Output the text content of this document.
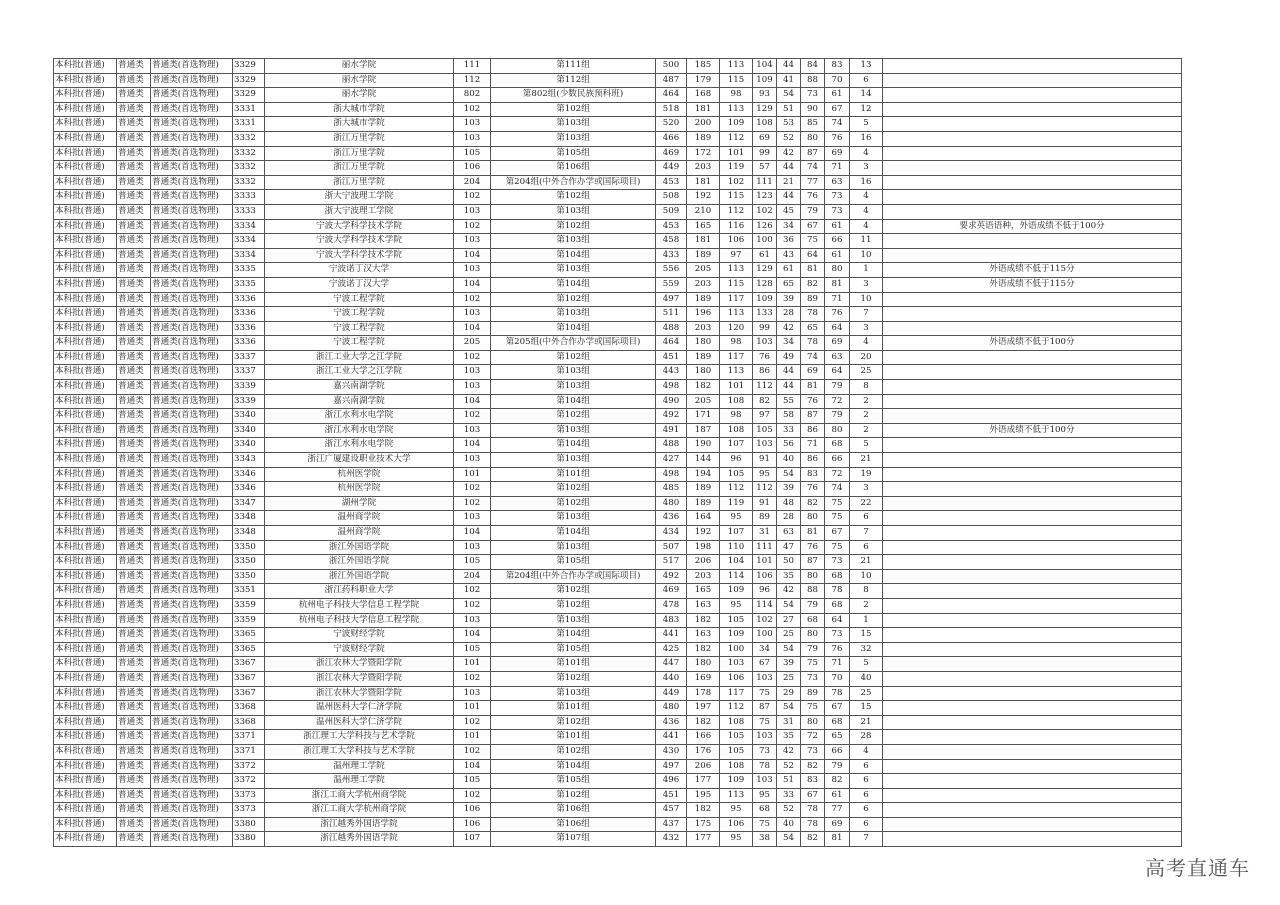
本科批(普通)	普通类	普通类(首选物理)	3329	丽水学院	111	第111组	500	185	113	104	44	84	83	13	
本科批(普通)	普通类	普通类(首选物理)	3329	丽水学院	112	第112组	487	179	115	109	41	88	70	6	
本科批(普通)	普通类	普通类(首选物理)	3329	丽水学院	802	第802组(少数民族预科班)	464	168	98	93	54	73	61	14	
本科批(普通)	普通类	普通类(首选物理)	3331	浙大城市学院	102	第102组	518	181	113	129	51	90	67	12	
本科批(普通)	普通类	普通类(首选物理)	3331	浙大城市学院	103	第103组	520	200	109	108	53	85	74	5	
本科批(普通)	普通类	普通类(首选物理)	3332	浙江万里学院	103	第103组	466	189	112	69	52	80	76	16	
本科批(普通)	普通类	普通类(首选物理)	3332	浙江万里学院	105	第105组	469	172	101	99	42	87	69	4	
本科批(普通)	普通类	普通类(首选物理)	3332	浙江万里学院	106	第106组	449	203	119	57	44	74	71	3	
本科批(普通)	普通类	普通类(首选物理)	3332	浙江万里学院	204	第204组(中外合作办学或国际项目)	453	181	102	111	21	77	63	16	
本科批(普通)	普通类	普通类(首选物理)	3333	浙大宁波理工学院	102	第102组	508	192	115	123	44	76	73	4	
本科批(普通)	普通类	普通类(首选物理)	3333	浙大宁波理工学院	103	第103组	509	210	112	102	45	79	73	4	
本科批(普通)	普通类	普通类(首选物理)	3334	宁波大学科学技术学院	102	第102组	453	165	116	126	34	67	61	4	要求英语语种，外语成绩不低于100分
本科批(普通)	普通类	普通类(首选物理)	3334	宁波大学科学技术学院	103	第103组	458	181	106	100	36	75	66	11	
本科批(普通)	普通类	普通类(首选物理)	3334	宁波大学科学技术学院	104	第104组	433	189	97	61	43	64	61	10	
本科批(普通)	普通类	普通类(首选物理)	3335	宁波诺丁汉大学	103	第103组	556	205	113	129	61	81	80	1	外语成绩不低于115分
本科批(普通)	普通类	普通类(首选物理)	3335	宁波诺丁汉大学	104	第104组	559	203	115	128	65	82	81	3	外语成绩不低于115分
本科批(普通)	普通类	普通类(首选物理)	3336	宁波工程学院	102	第102组	497	189	117	109	39	89	71	10	
本科批(普通)	普通类	普通类(首选物理)	3336	宁波工程学院	103	第103组	511	196	113	133	28	78	76	7	
本科批(普通)	普通类	普通类(首选物理)	3336	宁波工程学院	104	第104组	488	203	120	99	42	65	64	3	
本科批(普通)	普通类	普通类(首选物理)	3336	宁波工程学院	205	第205组(中外合作办学或国际项目)	464	180	98	103	34	78	69	4	外语成绩不低于100分
本科批(普通)	普通类	普通类(首选物理)	3337	浙江工业大学之江学院	102	第102组	451	189	117	76	49	74	63	20	
本科批(普通)	普通类	普通类(首选物理)	3337	浙江工业大学之江学院	103	第103组	443	180	113	86	44	69	64	25	
本科批(普通)	普通类	普通类(首选物理)	3339	嘉兴南湖学院	103	第103组	498	182	101	112	44	81	79	8	
本科批(普通)	普通类	普通类(首选物理)	3339	嘉兴南湖学院	104	第104组	490	205	108	82	55	76	72	2	
本科批(普通)	普通类	普通类(首选物理)	3340	浙江水利水电学院	102	第102组	492	171	98	97	58	87	79	2	
本科批(普通)	普通类	普通类(首选物理)	3340	浙江水利水电学院	103	第103组	491	187	108	105	33	86	80	2	外语成绩不低于100分
本科批(普通)	普通类	普通类(首选物理)	3340	浙江水利水电学院	104	第104组	488	190	107	103	56	71	68	5	
本科批(普通)	普通类	普通类(首选物理)	3343	浙江广厦建设职业技术大学	103	第103组	427	144	96	91	40	86	66	21	
本科批(普通)	普通类	普通类(首选物理)	3346	杭州医学院	101	第101组	498	194	105	95	54	83	72	19	
本科批(普通)	普通类	普通类(首选物理)	3346	杭州医学院	102	第102组	485	189	112	112	39	76	74	3	
本科批(普通)	普通类	普通类(首选物理)	3347	湖州学院	102	第102组	480	189	119	91	48	82	75	22	
本科批(普通)	普通类	普通类(首选物理)	3348	温州商学院	103	第103组	436	164	95	89	28	80	75	6	
本科批(普通)	普通类	普通类(首选物理)	3348	温州商学院	104	第104组	434	192	107	31	63	81	67	7	
本科批(普通)	普通类	普通类(首选物理)	3350	浙江外国语学院	103	第103组	507	198	110	111	47	76	75	6	
本科批(普通)	普通类	普通类(首选物理)	3350	浙江外国语学院	105	第105组	517	206	104	101	50	87	73	21	
本科批(普通)	普通类	普通类(首选物理)	3350	浙江外国语学院	204	第204组(中外合作办学或国际项目)	492	203	114	106	35	80	68	10	
本科批(普通)	普通类	普通类(首选物理)	3351	浙江药科职业大学	102	第102组	469	165	109	96	42	88	78	8	
本科批(普通)	普通类	普通类(首选物理)	3359	杭州电子科技大学信息工程学院	102	第102组	478	163	95	114	54	79	68	2	
本科批(普通)	普通类	普通类(首选物理)	3359	杭州电子科技大学信息工程学院	103	第103组	483	182	105	102	27	68	64	1	
本科批(普通)	普通类	普通类(首选物理)	3365	宁波财经学院	104	第104组	441	163	109	100	25	80	73	15	
本科批(普通)	普通类	普通类(首选物理)	3365	宁波财经学院	105	第105组	425	182	100	34	54	79	76	32	
本科批(普通)	普通类	普通类(首选物理)	3367	浙江农林大学暨阳学院	101	第101组	447	180	103	67	39	75	71	5	
本科批(普通)	普通类	普通类(首选物理)	3367	浙江农林大学暨阳学院	102	第102组	440	169	106	103	25	73	70	40	
本科批(普通)	普通类	普通类(首选物理)	3367	浙江农林大学暨阳学院	103	第103组	449	178	117	75	29	89	78	25	
本科批(普通)	普通类	普通类(首选物理)	3368	温州医科大学仁济学院	101	第101组	480	197	112	87	54	75	67	15	
本科批(普通)	普通类	普通类(首选物理)	3368	温州医科大学仁济学院	102	第102组	436	182	108	75	31	80	68	21	
本科批(普通)	普通类	普通类(首选物理)	3371	浙江理工大学科技与艺术学院	101	第101组	441	166	105	103	35	72	65	28	
本科批(普通)	普通类	普通类(首选物理)	3371	浙江理工大学科技与艺术学院	102	第102组	430	176	105	73	42	73	66	4	
本科批(普通)	普通类	普通类(首选物理)	3372	温州理工学院	104	第104组	497	206	108	78	52	82	79	6	
本科批(普通)	普通类	普通类(首选物理)	3372	温州理工学院	105	第105组	496	177	109	103	51	83	82	6	
本科批(普通)	普通类	普通类(首选物理)	3373	浙江工商大学杭州商学院	102	第102组	451	195	113	95	33	67	61	6	
本科批(普通)	普通类	普通类(首选物理)	3373	浙江工商大学杭州商学院	106	第106组	457	182	95	68	52	78	77	6	
本科批(普通)	普通类	普通类(首选物理)	3380	浙江越秀外国语学院	106	第106组	437	175	106	75	40	78	69	6	
本科批(普通)	普通类	普通类(首选物理)	3380	浙江越秀外国语学院	107	第107组	432	177	95	38	54	82	81	7	
高考直通车
